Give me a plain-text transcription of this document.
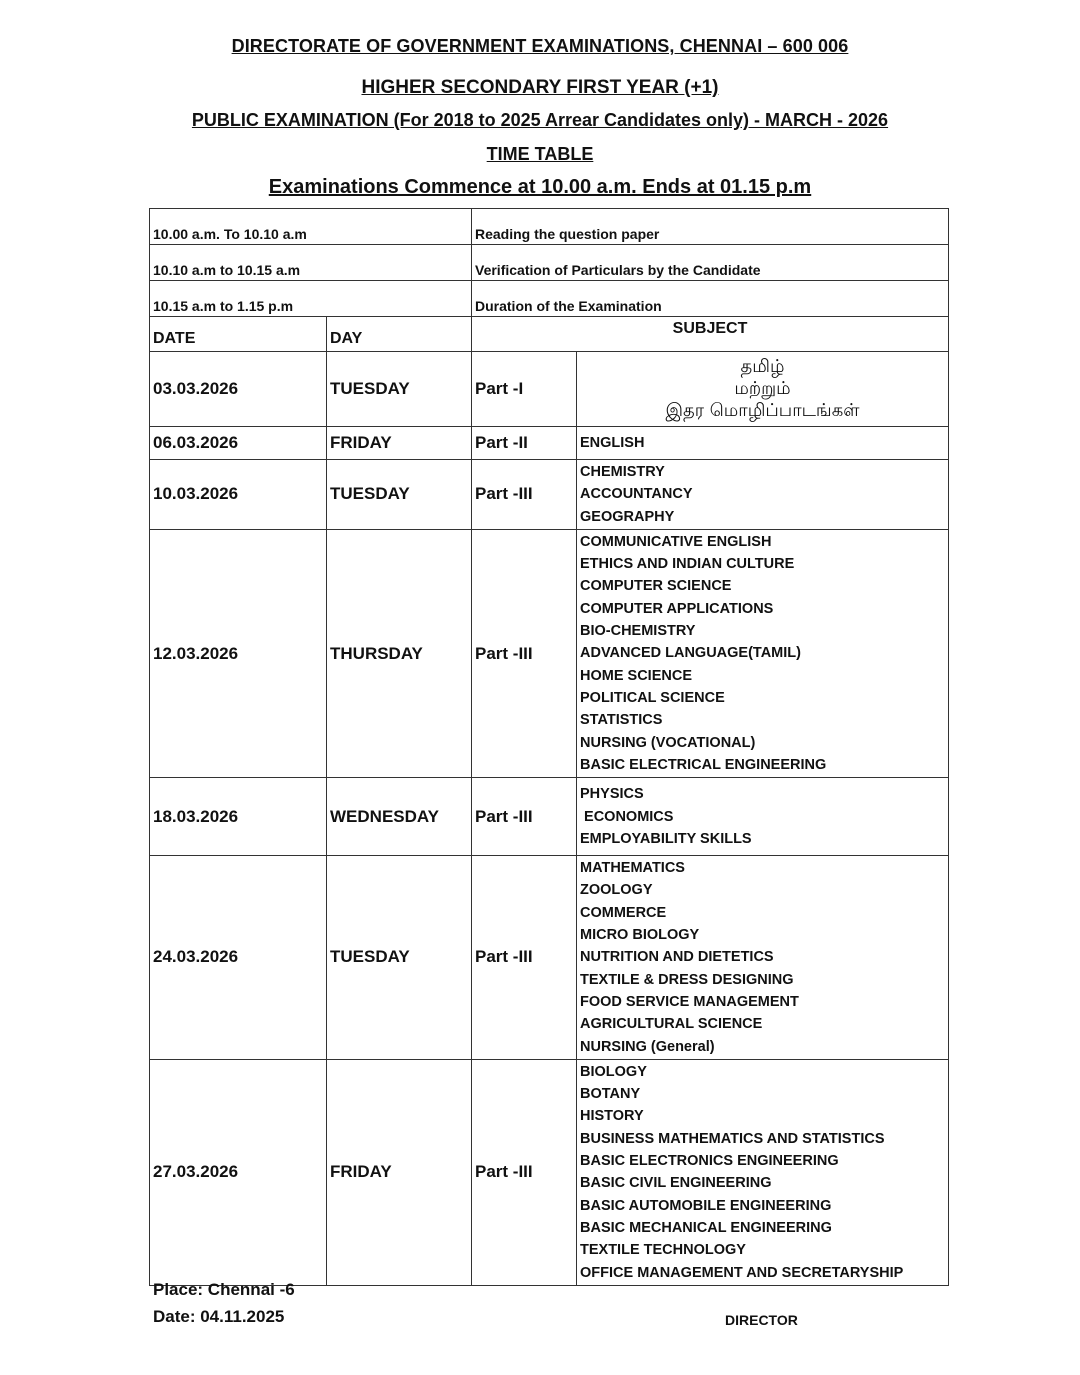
DIRECTORATE OF GOVERNMENT EXAMINATIONS, CHENNAI – 600 006
HIGHER SECONDARY FIRST YEAR (+1)
PUBLIC EXAMINATION (For 2018 to 2025 Arrear Candidates only) - MARCH - 2026
TIME TABLE
Examinations Commence at 10.00 a.m. Ends at 01.15 p.m
10.00 a.m. To 10.10 a.m		Reading the question paper	
10.10 a.m to 10.15 a.m		Verification of Particulars by the Candidate	
10.15 a.m to 1.15 p.m		Duration of the Examination	
DATE	DAY	SUBJECT	
03.03.2026	TUESDAY	Part -I	தமிழ்
மற்றும்
இதர மொழிப்பாடங்கள்

06.03.2026	FRIDAY	Part -II	ENGLISH

10.03.2026	TUESDAY	Part -III	CHEMISTRY
ACCOUNTANCY
GEOGRAPHY

12.03.2026	THURSDAY	Part -III	
COMMUNICATIVE ENGLISH
ETHICS AND INDIAN CULTURE
COMPUTER SCIENCE
COMPUTER APPLICATIONS
BIO-CHEMISTRY
ADVANCED LANGUAGE(TAMIL)
HOME SCIENCE
POLITICAL SCIENCE
STATISTICS
NURSING (VOCATIONAL)
BASIC ELECTRICAL ENGINEERING

18.03.2026	WEDNESDAY	Part -III	PHYSICS
ECONOMICS
EMPLOYABILITY SKILLS

24.03.2026	TUESDAY	Part -III	
MATHEMATICS
ZOOLOGY
COMMERCE
MICRO BIOLOGY
NUTRITION AND DIETETICS
TEXTILE & DRESS DESIGNING
FOOD SERVICE MANAGEMENT
AGRICULTURAL SCIENCE
NURSING (General)

27.03.2026	FRIDAY	Part -III	
BIOLOGY
BOTANY
HISTORY
BUSINESS MATHEMATICS AND STATISTICS
BASIC ELECTRONICS ENGINEERING
BASIC CIVIL ENGINEERING
BASIC AUTOMOBILE ENGINEERING
BASIC MECHANICAL ENGINEERING
TEXTILE TECHNOLOGY
OFFICE MANAGEMENT AND SECRETARYSHIP
Place: Chennai -6
Date: 04.11.2025	DIRECTOR
